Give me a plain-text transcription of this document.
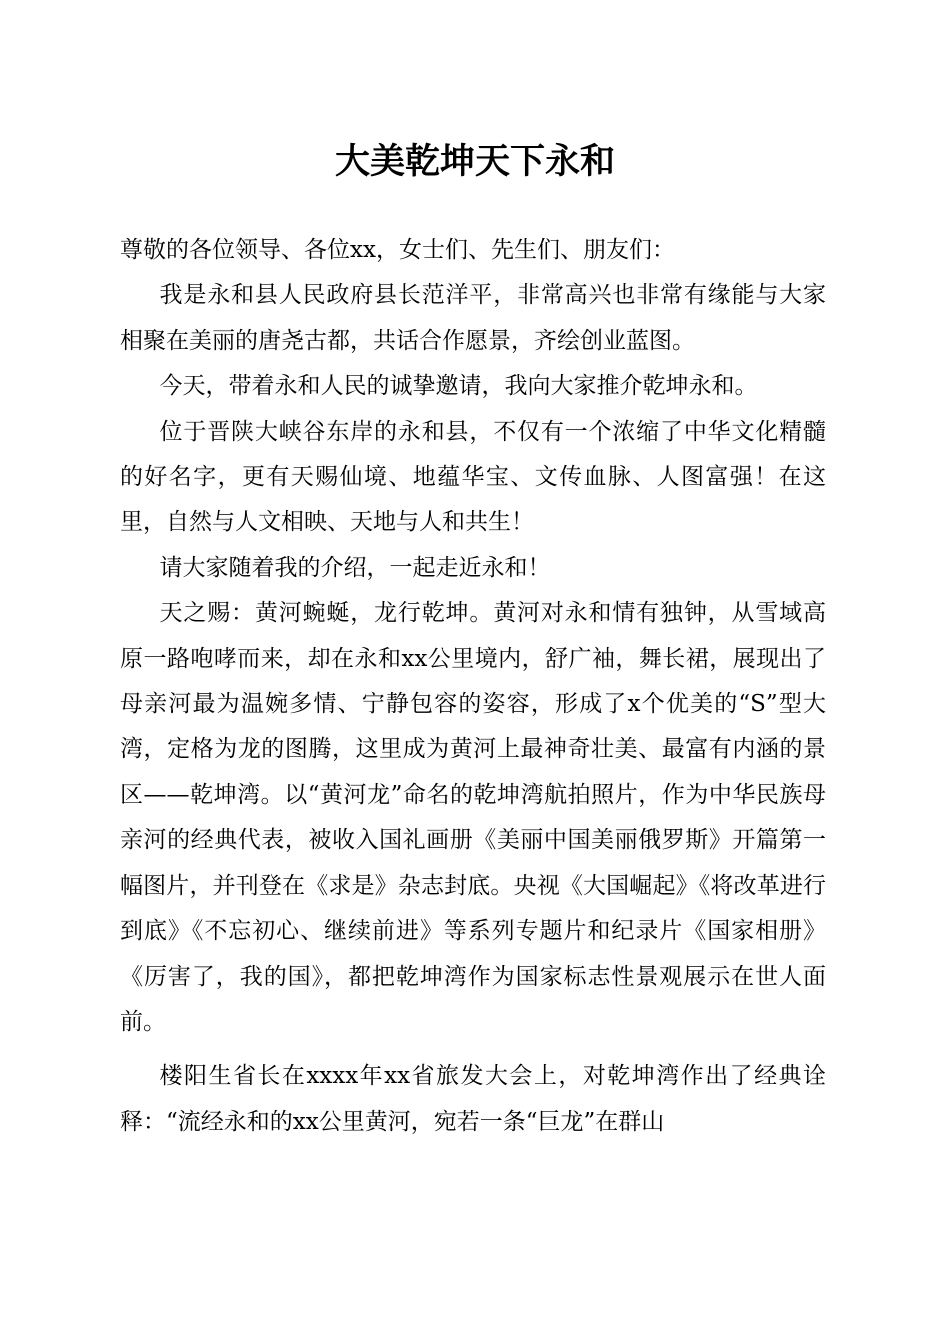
大美乾坤天下永和

尊敬的各位领导、各位xx，女士们、先生们、朋友们：

我是永和县人民政府县长范洋平，非常高兴也非常有缘能与大家相聚在美丽的唐尧古都，共话合作愿景，齐绘创业蓝图。

今天，带着永和人民的诚挚邀请，我向大家推介乾坤永和。

位于晋陕大峡谷东岸的永和县，不仅有一个浓缩了中华文化精髓的好名字，更有天赐仙境、地蕴华宝、文传血脉、人图富强！在这里，自然与人文相映、天地与人和共生！

请大家随着我的介绍，一起走近永和！

天之赐：黄河蜿蜒，龙行乾坤。黄河对永和情有独钟，从雪域高原一路咆哮而来，却在永和xx公里境内，舒广袖，舞长裙，展现出了母亲河最为温婉多情、宁静包容的姿容，形成了x个优美的“S”型大湾，定格为龙的图腾，这里成为黄河上最神奇壮美、最富有内涵的景区——乾坤湾。以“黄河龙”命名的乾坤湾航拍照片，作为中华民族母亲河的经典代表，被收入国礼画册《美丽中国美丽俄罗斯》开篇第一幅图片，并刊登在《求是》杂志封底。央视《大国崛起》《将改革进行到底》《不忘初心、继续前进》等系列专题片和纪录片《国家相册》《厉害了，我的国》，都把乾坤湾作为国家标志性景观展示在世人面前。

楼阳生省长在xxxx年xx省旅发大会上，对乾坤湾作出了经典诠释：“流经永和的xx公里黄河，宛若一条“巨龙”在群山
